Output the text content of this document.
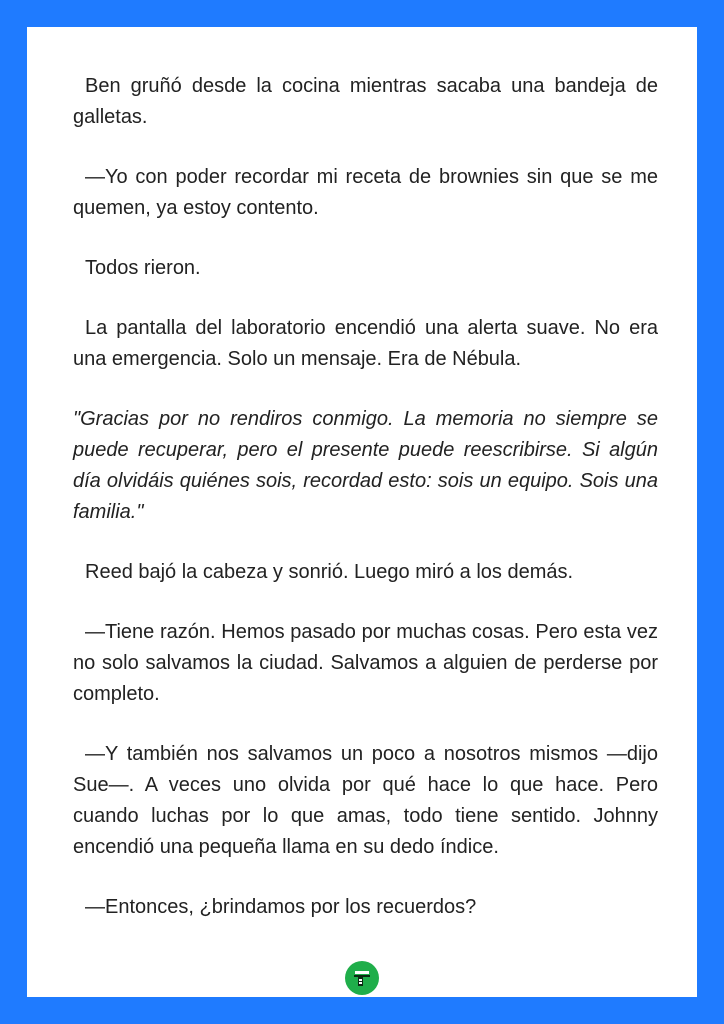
Ben gruñó desde la cocina mientras sacaba una bandeja de galletas.

—Yo con poder recordar mi receta de brownies sin que se me quemen, ya estoy contento.

Todos rieron.

La pantalla del laboratorio encendió una alerta suave. No era una emergencia. Solo un mensaje. Era de Nébula.

"Gracias por no rendiros conmigo. La memoria no siempre se puede recuperar, pero el presente puede reescribirse. Si algún día olvidáis quiénes sois, recordad esto: sois un equipo. Sois una familia."

Reed bajó la cabeza y sonrió. Luego miró a los demás.

—Tiene razón. Hemos pasado por muchas cosas. Pero esta vez no solo salvamos la ciudad. Salvamos a alguien de perderse por completo.

—Y también nos salvamos un poco a nosotros mismos —dijo Sue—. A veces uno olvida por qué hace lo que hace. Pero cuando luchas por lo que amas, todo tiene sentido. Johnny encendió una pequeña llama en su dedo índice.

—Entonces, ¿brindamos por los recuerdos?
